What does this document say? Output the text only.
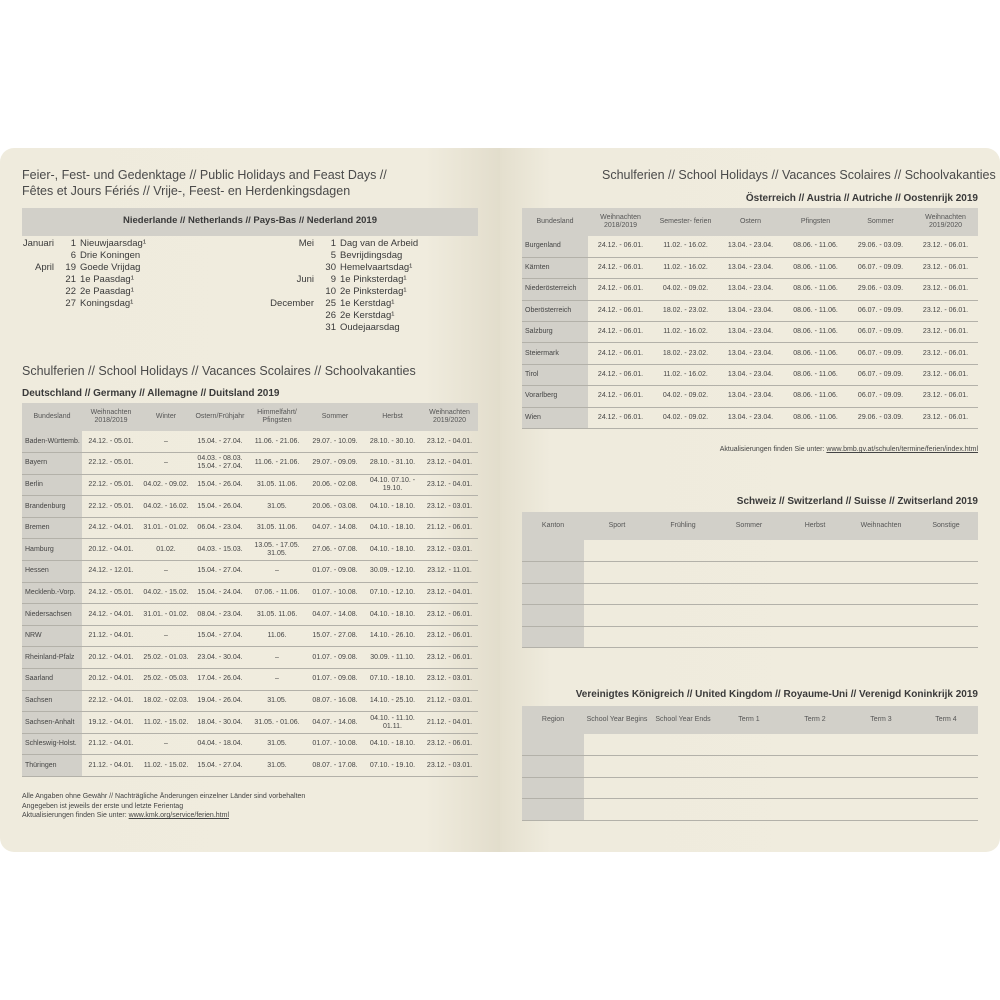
Feier-, Fest- und Gedenktage // Public Holidays and Feast Days //
Fêtes et Jours Fériés // Vrije-, Feest- en Herdenkingsdagen
Niederlande // Netherlands // Pays-Bas // Nederland 2019
Januari	1	Nieuwjaarsdag¹
	6	Drie Koningen
April	19	Goede Vrijdag
	21	1e Paasdag¹
	22	2e Paasdag¹
	27	Koningsdag¹
Mei	1	Dag van de Arbeid
	5	Bevrijdingsdag
	30	Hemelvaartsdag¹
Juni	9	1e Pinksterdag¹
	10	2e Pinksterdag¹
December	25	1e Kerstdag¹
	26	2e Kerstdag¹
	31	Oudejaarsdag
Schulferien // School Holidays // Vacances Scolaires // Schoolvakanties
Deutschland // Germany // Allemagne // Duitsland 2019
Bundesland	Weihnachten 2018/2019	Winter	Ostern/Frühjahr	Himmelfahrt/ Pfingsten	Sommer	Herbst	Weihnachten 2019/2020
Baden-Württemb.	24.12. - 05.01.	–	15.04. - 27.04.	11.06. - 21.06.	29.07. - 10.09.	28.10. - 30.10.	23.12. - 04.01.
Bayern	22.12. - 05.01.	–	04.03. - 08.03. 15.04. - 27.04.	11.06. - 21.06.	29.07. - 09.09.	28.10. - 31.10.	23.12. - 04.01.
Berlin	22.12. - 05.01.	04.02. - 09.02.	15.04. - 26.04.	31.05. 11.06.	20.06. - 02.08.	04.10. 07.10. - 19.10.	23.12. - 04.01.
Brandenburg	22.12. - 05.01.	04.02. - 16.02.	15.04. - 26.04.	31.05.	20.06. - 03.08.	04.10. - 18.10.	23.12. - 03.01.
Bremen	24.12. - 04.01.	31.01. - 01.02.	06.04. - 23.04.	31.05. 11.06.	04.07. - 14.08.	04.10. - 18.10.	21.12. - 06.01.
Hamburg	20.12. - 04.01.	01.02.	04.03. - 15.03.	13.05. - 17.05. 31.05.	27.06. - 07.08.	04.10. - 18.10.	23.12. - 03.01.
Hessen	24.12. - 12.01.	–	15.04. - 27.04.	–	01.07. - 09.08.	30.09. - 12.10.	23.12. - 11.01.
Mecklenb.-Vorp.	24.12. - 05.01.	04.02. - 15.02.	15.04. - 24.04.	07.06. - 11.06.	01.07. - 10.08.	07.10. - 12.10.	23.12. - 04.01.
Niedersachsen	24.12. - 04.01.	31.01. - 01.02.	08.04. - 23.04.	31.05. 11.06.	04.07. - 14.08.	04.10. - 18.10.	23.12. - 06.01.
NRW	21.12. - 04.01.	–	15.04. - 27.04.	11.06.	15.07. - 27.08.	14.10. - 26.10.	23.12. - 06.01.
Rheinland-Pfalz	20.12. - 04.01.	25.02. - 01.03.	23.04. - 30.04.	–	01.07. - 09.08.	30.09. - 11.10.	23.12. - 06.01.
Saarland	20.12. - 04.01.	25.02. - 05.03.	17.04. - 26.04.	–	01.07. - 09.08.	07.10. - 18.10.	23.12. - 03.01.
Sachsen	22.12. - 04.01.	18.02. - 02.03.	19.04. - 26.04.	31.05.	08.07. - 16.08.	14.10. - 25.10.	21.12. - 03.01.
Sachsen-Anhalt	19.12. - 04.01.	11.02. - 15.02.	18.04. - 30.04.	31.05. - 01.06.	04.07. - 14.08.	04.10. - 11.10. 01.11.	21.12. - 04.01.
Schleswig-Holst.	21.12. - 04.01.	–	04.04. - 18.04.	31.05.	01.07. - 10.08.	04.10. - 18.10.	23.12. - 06.01.
Thüringen	21.12. - 04.01.	11.02. - 15.02.	15.04. - 27.04.	31.05.	08.07. - 17.08.	07.10. - 19.10.	23.12. - 03.01.
Alle Angaben ohne Gewähr // Nachträgliche Änderungen einzelner Länder sind vorbehalten
Angegeben ist jeweils der erste und letzte Ferientag
Aktualisierungen finden Sie unter: www.kmk.org/service/ferien.html
Schulferien // School Holidays // Vacances Scolaires // Schoolvakanties
Österreich // Austria // Autriche // Oostenrijk 2019
Bundesland	Weihnachten 2018/2019	Semester- ferien	Ostern	Pfingsten	Sommer	Weihnachten 2019/2020
Burgenland	24.12. - 06.01.	11.02. - 16.02.	13.04. - 23.04.	08.06. - 11.06.	29.06. - 03.09.	23.12. - 06.01.
Kärnten	24.12. - 06.01.	11.02. - 16.02.	13.04. - 23.04.	08.06. - 11.06.	06.07. - 09.09.	23.12. - 06.01.
Niederösterreich	24.12. - 06.01.	04.02. - 09.02.	13.04. - 23.04.	08.06. - 11.06.	29.06. - 03.09.	23.12. - 06.01.
Oberösterreich	24.12. - 06.01.	18.02. - 23.02.	13.04. - 23.04.	08.06. - 11.06.	06.07. - 09.09.	23.12. - 06.01.
Salzburg	24.12. - 06.01.	11.02. - 16.02.	13.04. - 23.04.	08.06. - 11.06.	06.07. - 09.09.	23.12. - 06.01.
Steiermark	24.12. - 06.01.	18.02. - 23.02.	13.04. - 23.04.	08.06. - 11.06.	06.07. - 09.09.	23.12. - 06.01.
Tirol	24.12. - 06.01.	11.02. - 16.02.	13.04. - 23.04.	08.06. - 11.06.	06.07. - 09.09.	23.12. - 06.01.
Vorarlberg	24.12. - 06.01.	04.02. - 09.02.	13.04. - 23.04.	08.06. - 11.06.	06.07. - 09.09.	23.12. - 06.01.
Wien	24.12. - 06.01.	04.02. - 09.02.	13.04. - 23.04.	08.06. - 11.06.	29.06. - 03.09.	23.12. - 06.01.
Aktualisierungen finden Sie unter: www.bmb.gv.at/schulen/termine/ferien/index.html
Schweiz // Switzerland // Suisse // Zwitserland 2019
Kanton	Sport	Frühling	Sommer	Herbst	Weihnachten	Sonstige

Vereinigtes Königreich // United Kingdom // Royaume-Uni // Verenigd Koninkrijk 2019
Region	School Year Begins	School Year Ends	Term 1	Term 2	Term 3	Term 4
